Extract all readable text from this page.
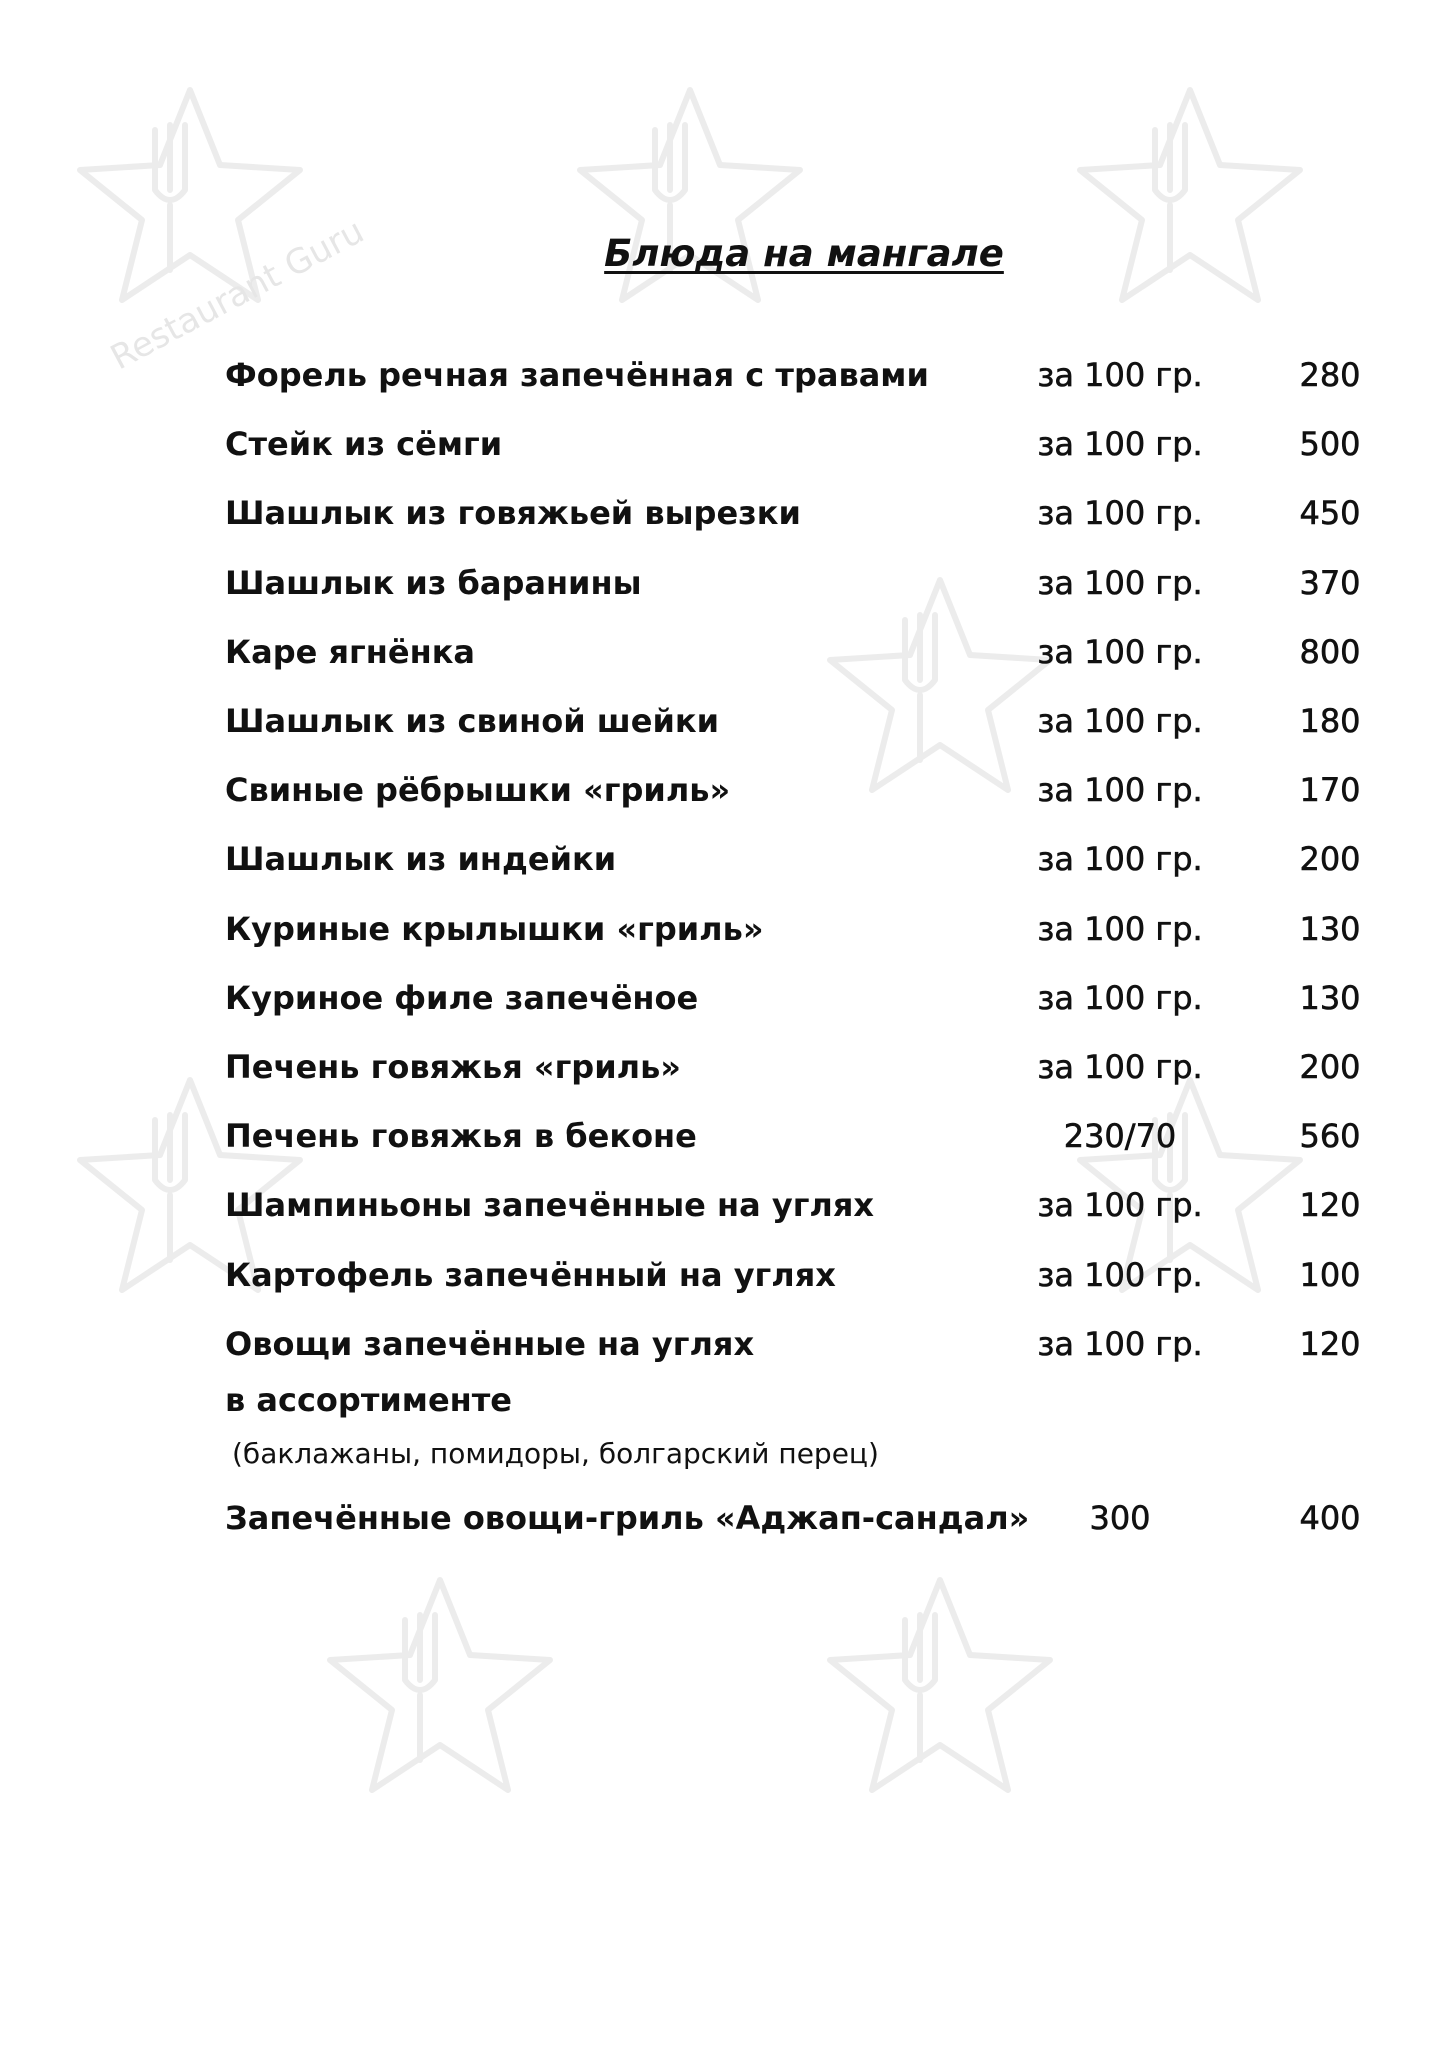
Restaurant Guru	Блюда на мангале
Форель речная запечённая с травами	за 100 гр.	280
Стейк из сёмги	за 100 гр.	500
Шашлык из говяжьей вырезки	за 100 гр.	450
Шашлык из баранины	за 100 гр.	370
Каре ягнёнка	за 100 гр.	800
Шашлык из свиной шейки	за 100 гр.	180
Свиные рёбрышки «гриль»	за 100 гр.	170
Шашлык из индейки	за 100 гр.	200
Куриные крылышки «гриль»	за 100 гр.	130
Куриное филе запечёное	за 100 гр.	130
Печень говяжья «гриль»	за 100 гр.	200
Печень говяжья в беконе	230/70	560
Шампиньоны запечённые на углях	за 100 гр.	120
Картофель запечённый на углях	за 100 гр.	100
Овощи запечённые на углях	за 100 гр.	120
в ассортименте
(баклажаны, помидоры, болгарский перец)
Запечённые овощи-гриль «Аджап-сандал»	300	400
